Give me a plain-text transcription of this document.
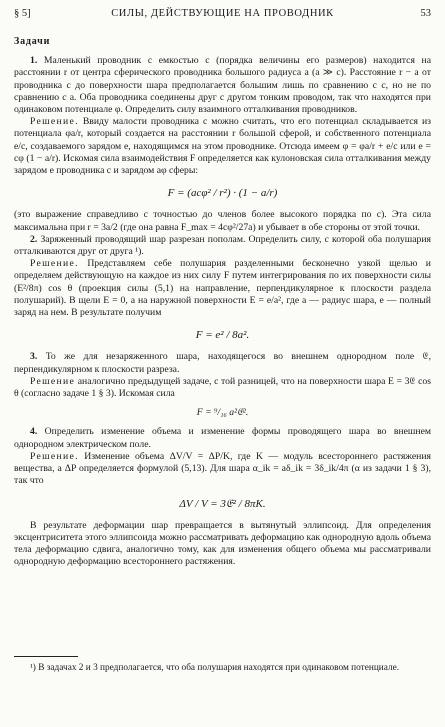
§ 5]	СИЛЫ, ДЕЙСТВУЮЩИЕ НА ПРОВОДНИК	53
Задачи

1. Маленький проводник с емкостью c (порядка величины его размеров) находится на расстоянии r от центра сферического проводника большого радиуса a (a ≫ c). Расстояние r − a от проводника c до поверхности шара предполагается большим лишь по сравнению с c, но не по сравнению с a. Оба проводника соединены друг с другом тонким проводом, так что находятся при одинаковом потенциале φ. Определить силу взаимного отталкивания проводников.

Решение. Ввиду малости проводника c можно считать, что его потенциал складывается из потенциала φa/r, который создается на расстоянии r большой сферой, и собственного потенциала e/c, создаваемого зарядом e, находящимся на этом проводнике. Отсюда имеем φ = φa/r + e/c или e = cφ (1 − a/r). Искомая сила взаимодействия F определяется как кулоновская сила отталкивания между зарядом e проводника c и зарядом aφ сферы:

F = (acφ² / r²) · (1 − a/r)

(это выражение справедливо с точностью до членов более высокого порядка по c). Эта сила максимальна при r = 3a/2 (где она равна F_max = 4cφ²/27a) и убывает в обе стороны от этой точки.

2. Заряженный проводящий шар разрезан пополам. Определить силу, с которой оба полушария отталкиваются друг от друга ¹).

Решение. Представляем себе полушария разделенными бесконечно узкой щелью и определяем действующую на каждое из них силу F путем интегрирования по их поверхности силы (E²/8π) cos θ (проекция силы (5,1) на направление, перпендикулярное к плоскости раздела полушарий). В щели E = 0, а на наружной поверхности E = e/a², где a — радиус шара, e — полный заряд на нем. В результате получим

F = e² / 8a².

3. То же для незаряженного шара, находящегося во внешнем однородном поле 𝔈, перпендикулярном к плоскости разреза.

Решение аналогично предыдущей задаче, с той разницей, что на поверхности шара E = 3𝔈 cos θ (согласно задаче 1 § 3). Искомая сила

F = ⁹/₁₆ a²𝔈².

4. Определить изменение объема и изменение формы проводящего шара во внешнем однородном электрическом поле.

Решение. Изменение объема ΔV/V = ΔP/K, где K — модуль всестороннего растяжения вещества, а ΔP определяется формулой (5,13). Для шара α_ik = aδ_ik = 3δ_ik/4π (α из задачи 1 § 3), так что

ΔV / V = 3𝔈² / 8πK.

В результате деформации шар превращается в вытянутый эллипсоид. Для определения эксцентриситета этого эллипсоида можно рассматривать деформацию как однородную вдоль объема тела деформацию сдвига, аналогично тому, как для изменения общего объема мы рассматривали однородную деформацию всестороннего растяжения.

¹) В задачах 2 и 3 предполагается, что оба полушария находятся при одинаковом потенциале.
